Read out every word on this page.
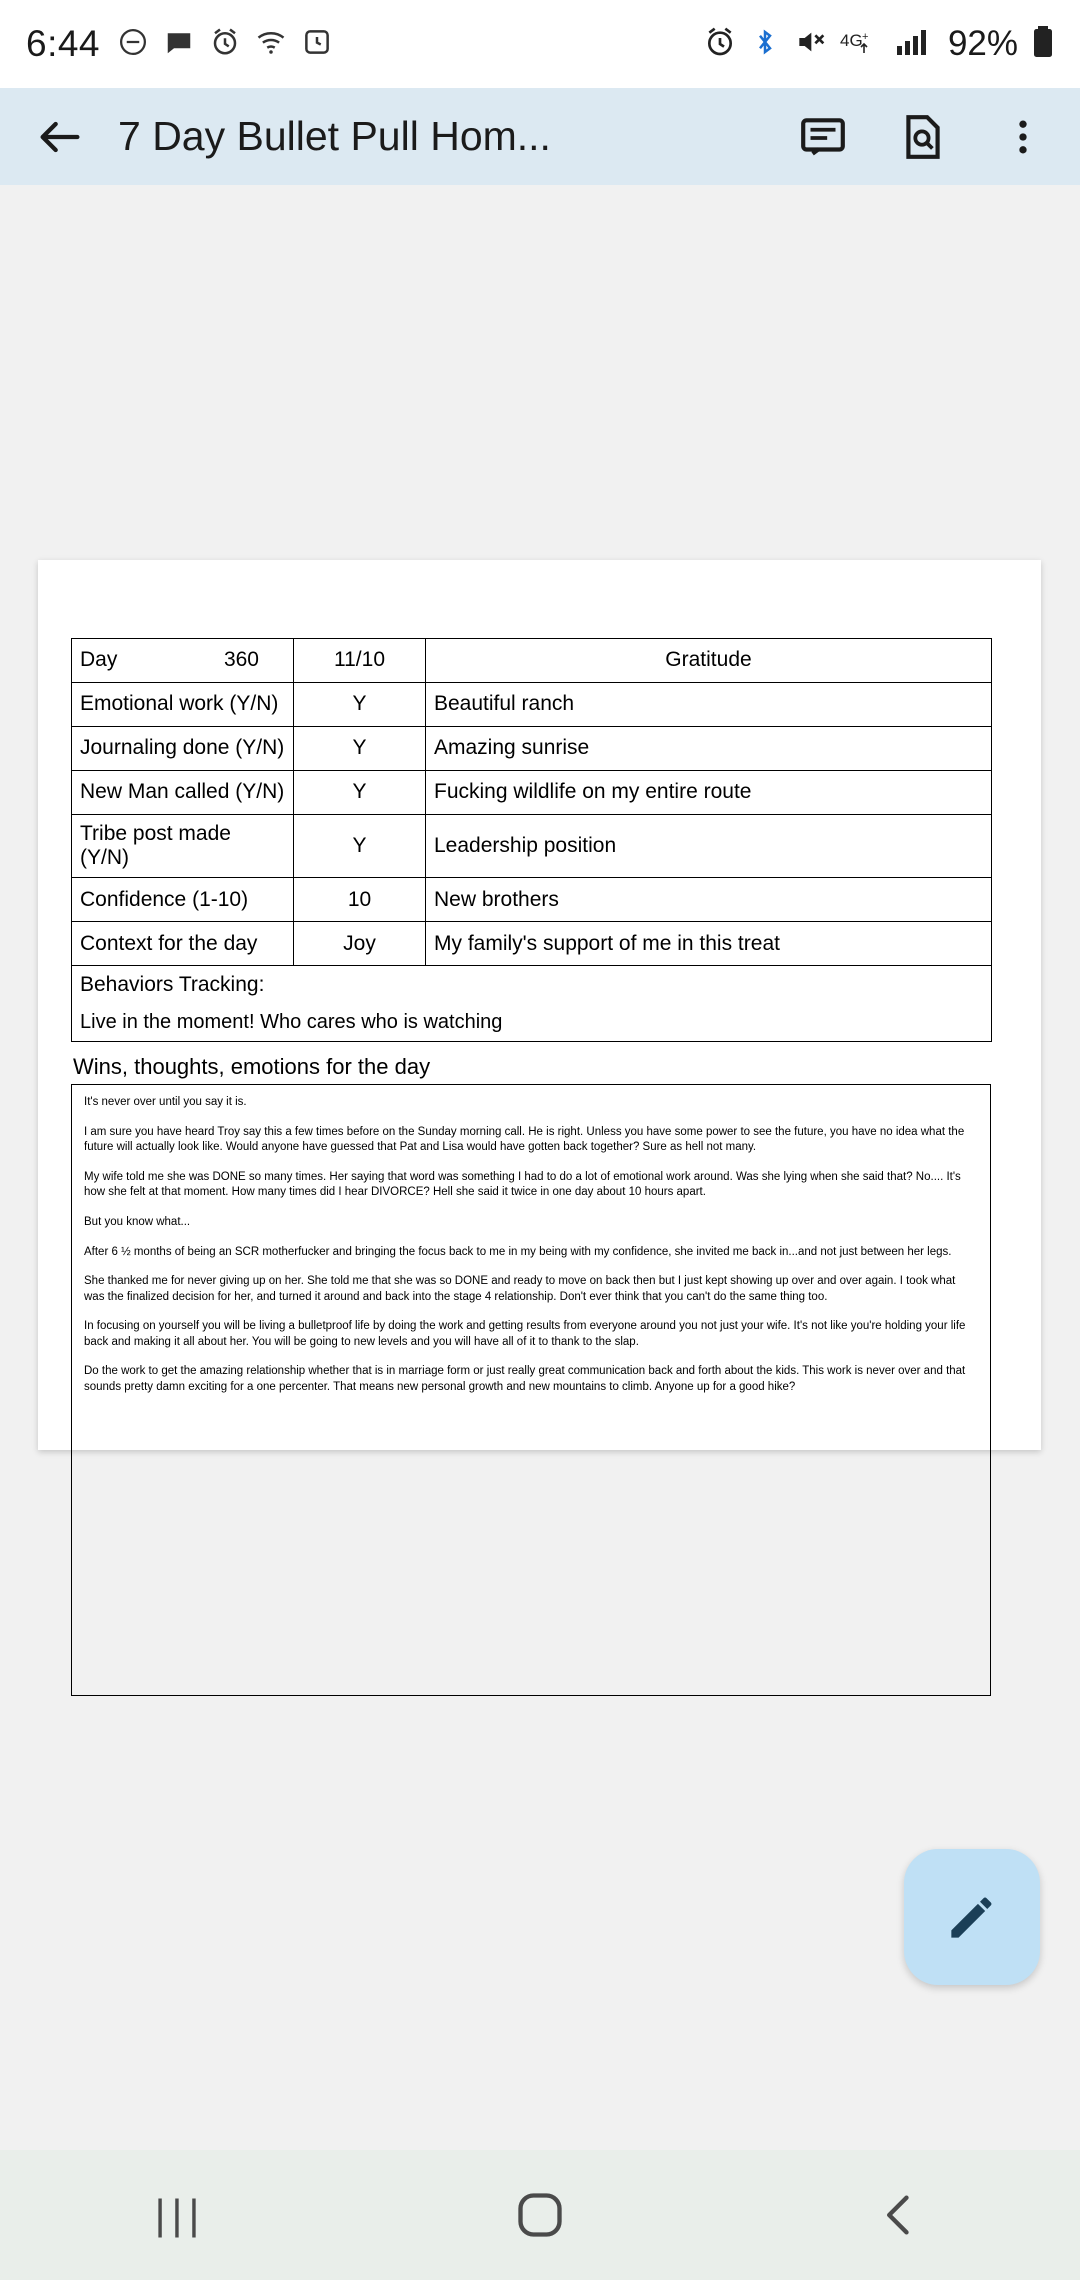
6:44	4G + 92%
7 Day Bullet Pull Hom...
Day 360	11/10	Gratitude
Emotional work (Y/N)	Y	Beautiful ranch
Journaling done (Y/N)	Y	Amazing sunrise
New Man called (Y/N)	Y	Fucking wildlife on my entire route
Tribe post made (Y/N)	Y	Leadership position
Confidence (1-10)	10	New brothers
Context for the day	Joy	My family's support of me in this treat

Behaviors Tracking:
Live in the moment! Who cares who is watching		
Wins, thoughts, emotions for the day

It's never over until you say it is.

I am sure you have heard Troy say this a few times before on the Sunday morning call. He is right. Unless you have some power to see the future, you have no idea what the future will actually look like. Would anyone have guessed that Pat and Lisa would have gotten back together? Sure as hell not many.

My wife told me she was DONE so many times. Her saying that word was something I had to do a lot of emotional work around. Was she lying when she said that? No.... It's how she felt at that moment. How many times did I hear DIVORCE? Hell she said it twice in one day about 10 hours apart.

But you know what...

After 6 ½ months of being an SCR motherfucker and bringing the focus back to me in my being with my confidence, she invited me back in...and not just between her legs.

She thanked me for never giving up on her. She told me that she was so DONE and ready to move on back then but I just kept showing up over and over again. I took what was the finalized decision for her, and turned it around and back into the stage 4 relationship. Don't ever think that you can't do the same thing too.

In focusing on yourself you will be living a bulletproof life by doing the work and getting results from everyone around you not just your wife. It's not like you're holding your life back and making it all about her. You will be going to new levels and you will have all of it to thank to the slap.

Do the work to get the amazing relationship whether that is in marriage form or just really great communication back and forth about the kids. This work is never over and that sounds pretty damn exciting for a one percenter. That means new personal growth and new mountains to climb. Anyone up for a good hike?

|||
